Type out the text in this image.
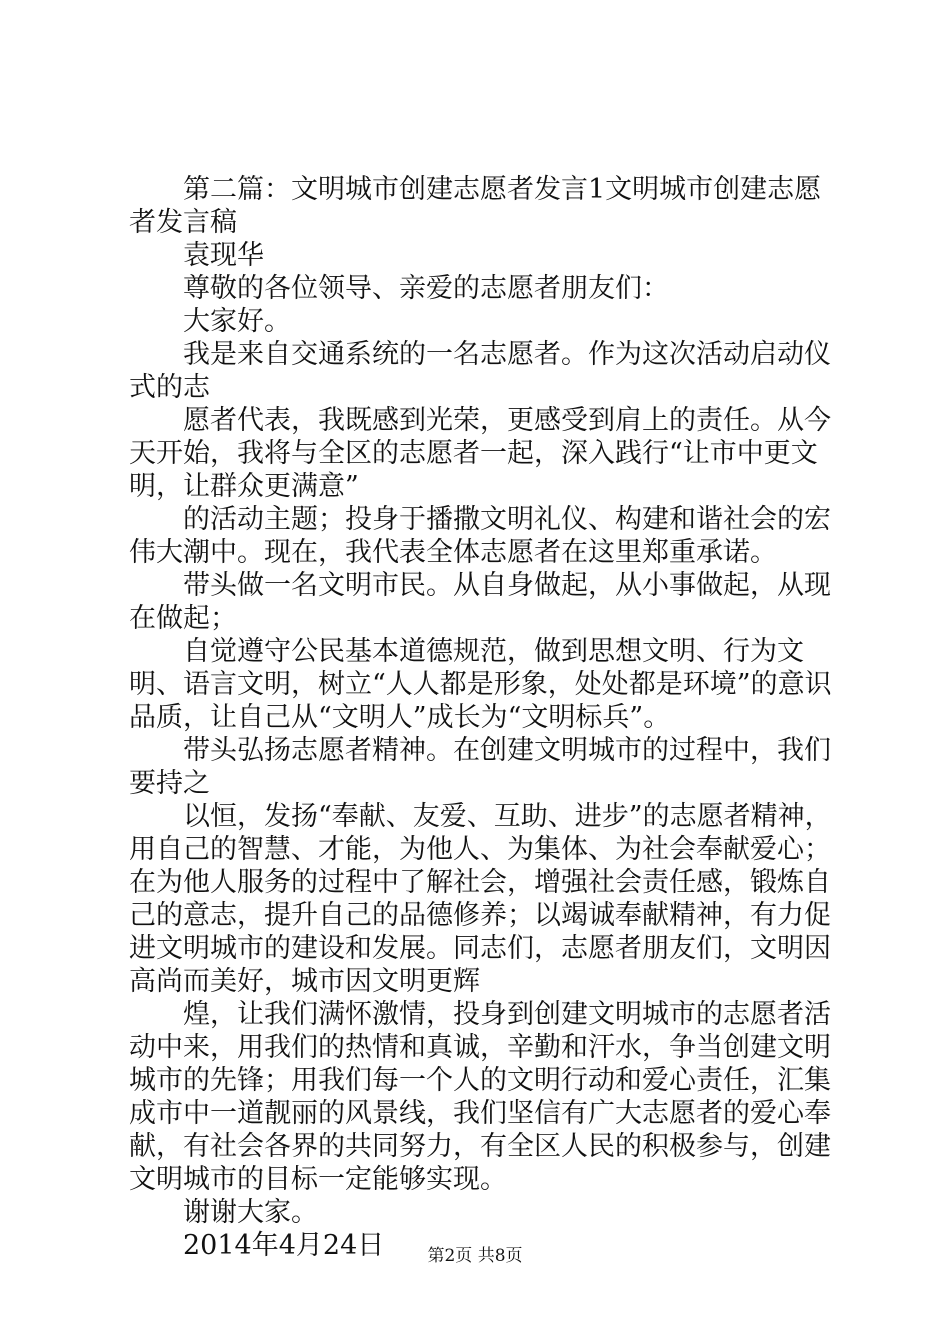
第二篇：文明城市创建志愿者发言1文明城市创建志愿者发言稿

袁现华

尊敬的各位领导、亲爱的志愿者朋友们：

大家好。

我是来自交通系统的一名志愿者。作为这次活动启动仪式的志

愿者代表，我既感到光荣，更感受到肩上的责任。从今天开始，我将与全区的志愿者一起，深入践行“让市中更文明，让群众更满意”

的活动主题；投身于播撒文明礼仪、构建和谐社会的宏伟大潮中。现在，我代表全体志愿者在这里郑重承诺。

带头做一名文明市民。从自身做起，从小事做起，从现在做起；

自觉遵守公民基本道德规范，做到思想文明、行为文明、语言文明，树立“人人都是形象，处处都是环境”的意识品质，让自己从“文明人”成长为“文明标兵”。

带头弘扬志愿者精神。在创建文明城市的过程中，我们要持之

以恒，发扬“奉献、友爱、互助、进步”的志愿者精神，用自己的智慧、才能，为他人、为集体、为社会奉献爱心；在为他人服务的过程中了解社会，增强社会责任感，锻炼自己的意志，提升自己的品德修养；以竭诚奉献精神，有力促进文明城市的建设和发展。同志们，志愿者朋友们，文明因高尚而美好，城市因文明更辉

煌，让我们满怀激情，投身到创建文明城市的志愿者活动中来，用我们的热情和真诚，辛勤和汗水，争当创建文明城市的先锋；用我们每一个人的文明行动和爱心责任，汇集成市中一道靓丽的风景线，我们坚信有广大志愿者的爱心奉献，有社会各界的共同努力，有全区人民的积极参与，创建文明城市的目标一定能够实现。

谢谢大家。

2014年4月24日	第2页 共8页
